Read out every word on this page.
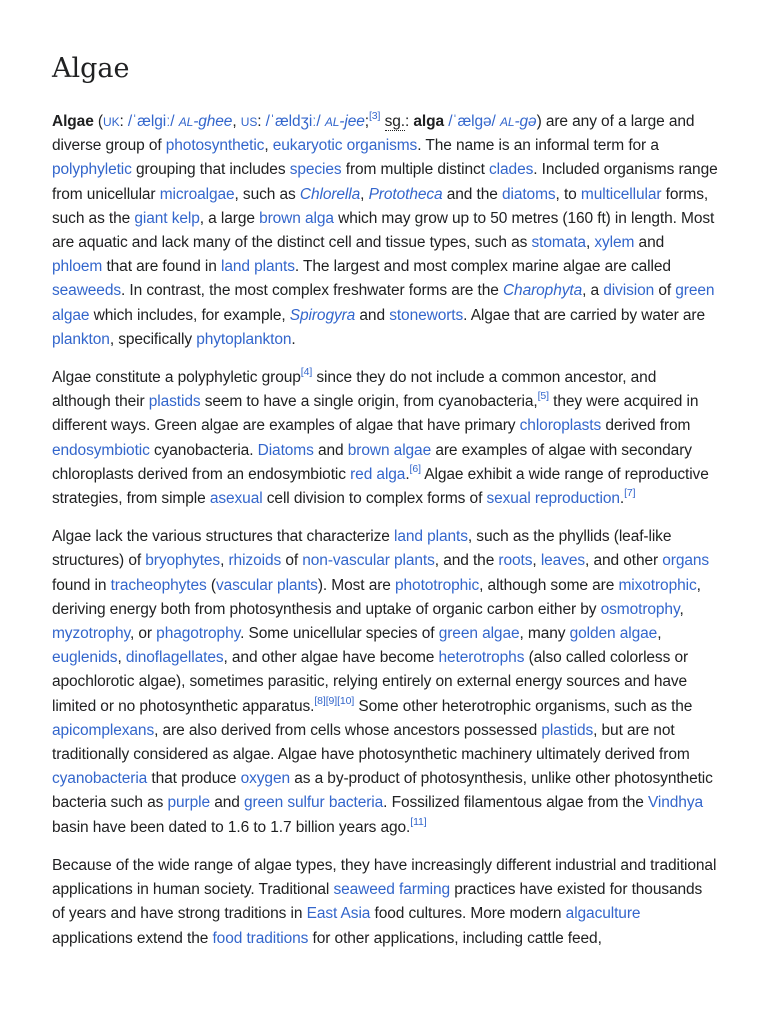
Algae

Algae (UK: /ˈælɡiː/ AL-ghee, US: /ˈældʒiː/ AL-jee;[3] sg.: alga /ˈælɡə/ AL-gə) are any of a large and diverse group of photosynthetic, eukaryotic organisms. The name is an informal term for a polyphyletic grouping that includes species from multiple distinct clades. Included organisms range from unicellular microalgae, such as Chlorella, Prototheca and the diatoms, to multicellular forms, such as the giant kelp, a large brown alga which may grow up to 50 metres (160 ft) in length. Most are aquatic and lack many of the distinct cell and tissue types, such as stomata, xylem and phloem that are found in land plants. The largest and most complex marine algae are called seaweeds. In contrast, the most complex freshwater forms are the Charophyta, a division of green algae which includes, for example, Spirogyra and stoneworts. Algae that are carried by water are plankton, specifically phytoplankton.

Algae constitute a polyphyletic group[4] since they do not include a common ancestor, and although their plastids seem to have a single origin, from cyanobacteria,[5] they were acquired in different ways. Green algae are examples of algae that have primary chloroplasts derived from endosymbiotic cyanobacteria. Diatoms and brown algae are examples of algae with secondary chloroplasts derived from an endosymbiotic red alga.[6] Algae exhibit a wide range of reproductive strategies, from simple asexual cell division to complex forms of sexual reproduction.[7]

Algae lack the various structures that characterize land plants, such as the phyllids (leaf-like structures) of bryophytes, rhizoids of non-vascular plants, and the roots, leaves, and other organs found in tracheophytes (vascular plants). Most are phototrophic, although some are mixotrophic, deriving energy both from photosynthesis and uptake of organic carbon either by osmotrophy, myzotrophy, or phagotrophy. Some unicellular species of green algae, many golden algae, euglenids, dinoflagellates, and other algae have become heterotrophs (also called colorless or apochlorotic algae), sometimes parasitic, relying entirely on external energy sources and have limited or no photosynthetic apparatus.[8][9][10] Some other heterotrophic organisms, such as the apicomplexans, are also derived from cells whose ancestors possessed plastids, but are not traditionally considered as algae. Algae have photosynthetic machinery ultimately derived from cyanobacteria that produce oxygen as a by-product of photosynthesis, unlike other photosynthetic bacteria such as purple and green sulfur bacteria. Fossilized filamentous algae from the Vindhya basin have been dated to 1.6 to 1.7 billion years ago.[11]

Because of the wide range of algae types, they have increasingly different industrial and traditional applications in human society. Traditional seaweed farming practices have existed for thousands of years and have strong traditions in East Asia food cultures. More modern algaculture applications extend the food traditions for other applications, including cattle feed,
